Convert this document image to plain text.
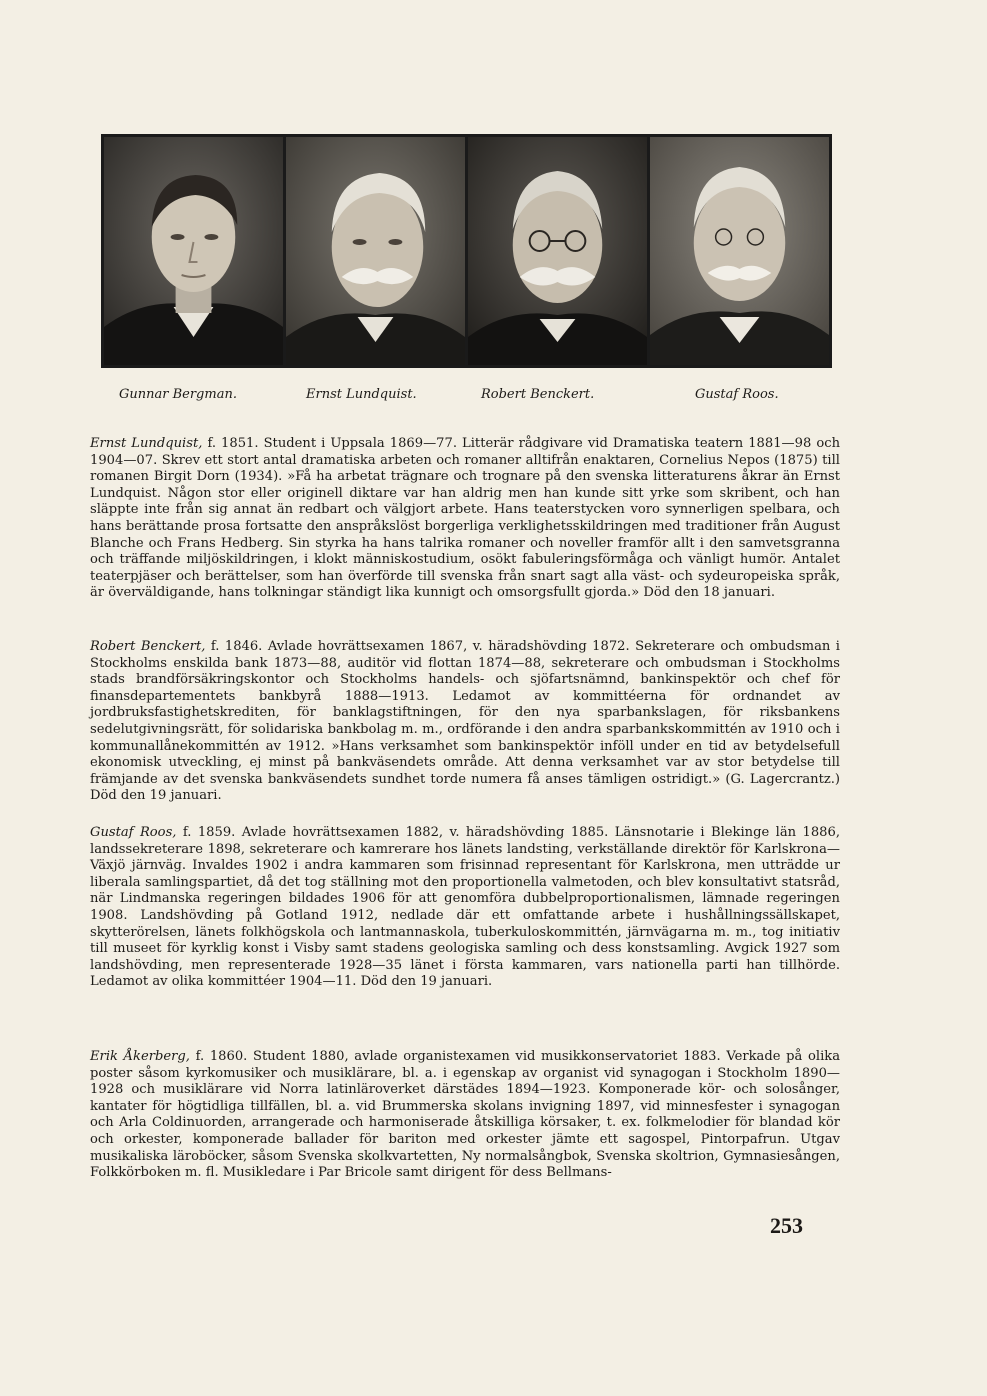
Gunnar Bergman.	Ernst Lundquist.	Robert Benckert.	Gustaf Roos.

Ernst Lundquist, f. 1851. Student i Uppsala 1869—77. Litterär rådgivare vid Dramatiska teatern 1881—98 och 1904—07. Skrev ett stort antal dramatiska arbeten och romaner alltifrån enaktaren, Cornelius Nepos (1875) till romanen Birgit Dorn (1934). »Få ha arbetat trägnare och trognare på den svenska litteraturens åkrar än Ernst Lundquist. Någon stor eller originell diktare var han aldrig men han kunde sitt yrke som skribent, och han släppte inte från sig annat än redbart och välgjort arbete. Hans teaterstycken voro synnerligen spelbara, och hans berättande prosa fortsatte den anspråkslöst borgerliga verklighetsskildringen med traditioner från August Blanche och Frans Hedberg. Sin styrka ha hans talrika romaner och noveller framför allt i den samvetsgranna och träffande miljöskildringen, i klokt människostudium, osökt fabuleringsförmåga och vänligt humör. Antalet teaterpjäser och berättelser, som han överförde till svenska från snart sagt alla väst- och sydeuropeiska språk, är överväldigande, hans tolkningar ständigt lika kunnigt och omsorgsfullt gjorda.» Död den 18 januari.

Robert Benckert, f. 1846. Avlade hovrättsexamen 1867, v. häradshövding 1872. Sekreterare och ombudsman i Stockholms enskilda bank 1873—88, auditör vid flottan 1874—88, sekreterare och ombudsman i Stockholms stads brandförsäkringskontor och Stockholms handels- och sjöfartsnämnd, bankinspektör och chef för finansdepartementets bankbyrå 1888—1913. Ledamot av kommittéerna för ordnandet av jordbruksfastighetskrediten, för banklagstiftningen, för den nya sparbankslagen, för riksbankens sedelutgivningsrätt, för solidariska bankbolag m. m., ordförande i den andra sparbankskommittén av 1910 och i kommunallånekommittén av 1912. »Hans verksamhet som bankinspektör inföll under en tid av betydelsefull ekonomisk utveckling, ej minst på bankväsendets område. Att denna verksamhet var av stor betydelse till främjande av det svenska bankväsendets sundhet torde numera få anses tämligen ostridigt.» (G. Lagercrantz.) Död den 19 januari.

Gustaf Roos, f. 1859. Avlade hovrättsexamen 1882, v. häradshövding 1885. Länsnotarie i Blekinge län 1886, landssekreterare 1898, sekreterare och kamrerare hos länets landsting, verkställande direktör för Karlskrona—Växjö järnväg. Invaldes 1902 i andra kammaren som frisinnad representant för Karlskrona, men utträdde ur liberala samlingspartiet, då det tog ställning mot den proportionella valmetoden, och blev konsultativt statsråd, när Lindmanska regeringen bildades 1906 för att genomföra dubbelproportionalismen, lämnade regeringen 1908. Landshövding på Gotland 1912, nedlade där ett omfattande arbete i hushållningssällskapet, skytterörelsen, länets folkhögskola och lantmannaskola, tuberkuloskommittén, järnvägarna m. m., tog initiativ till museet för kyrklig konst i Visby samt stadens geologiska samling och dess konstsamling. Avgick 1927 som landshövding, men representerade 1928—35 länet i första kammaren, vars nationella parti han tillhörde. Ledamot av olika kommittéer 1904—11. Död den 19 januari.

Erik Åkerberg, f. 1860. Student 1880, avlade organistexamen vid musikkonservatoriet 1883. Verkade på olika poster såsom kyrkomusiker och musiklärare, bl. a. i egenskap av organist vid synagogan i Stockholm 1890—1928 och musiklärare vid Norra latinläroverket därstädes 1894—1923. Komponerade kör- och solosånger, kantater för högtidliga tillfällen, bl. a. vid Brummerska skolans invigning 1897, vid minnesfester i synagogan och Arla Coldinuorden, arrangerade och harmoniserade åtskilliga körsaker, t. ex. folkmelodier för blandad kör och orkester, komponerade ballader för bariton med orkester jämte ett sagospel, Pintorpafrun. Utgav musikaliska läroböcker, såsom Svenska skolkvartetten, Ny normalsångbok, Svenska skoltrion, Gymnasiesången, Folkkörboken m. fl. Musikledare i Par Bricole samt dirigent för dess Bellmans-

253
